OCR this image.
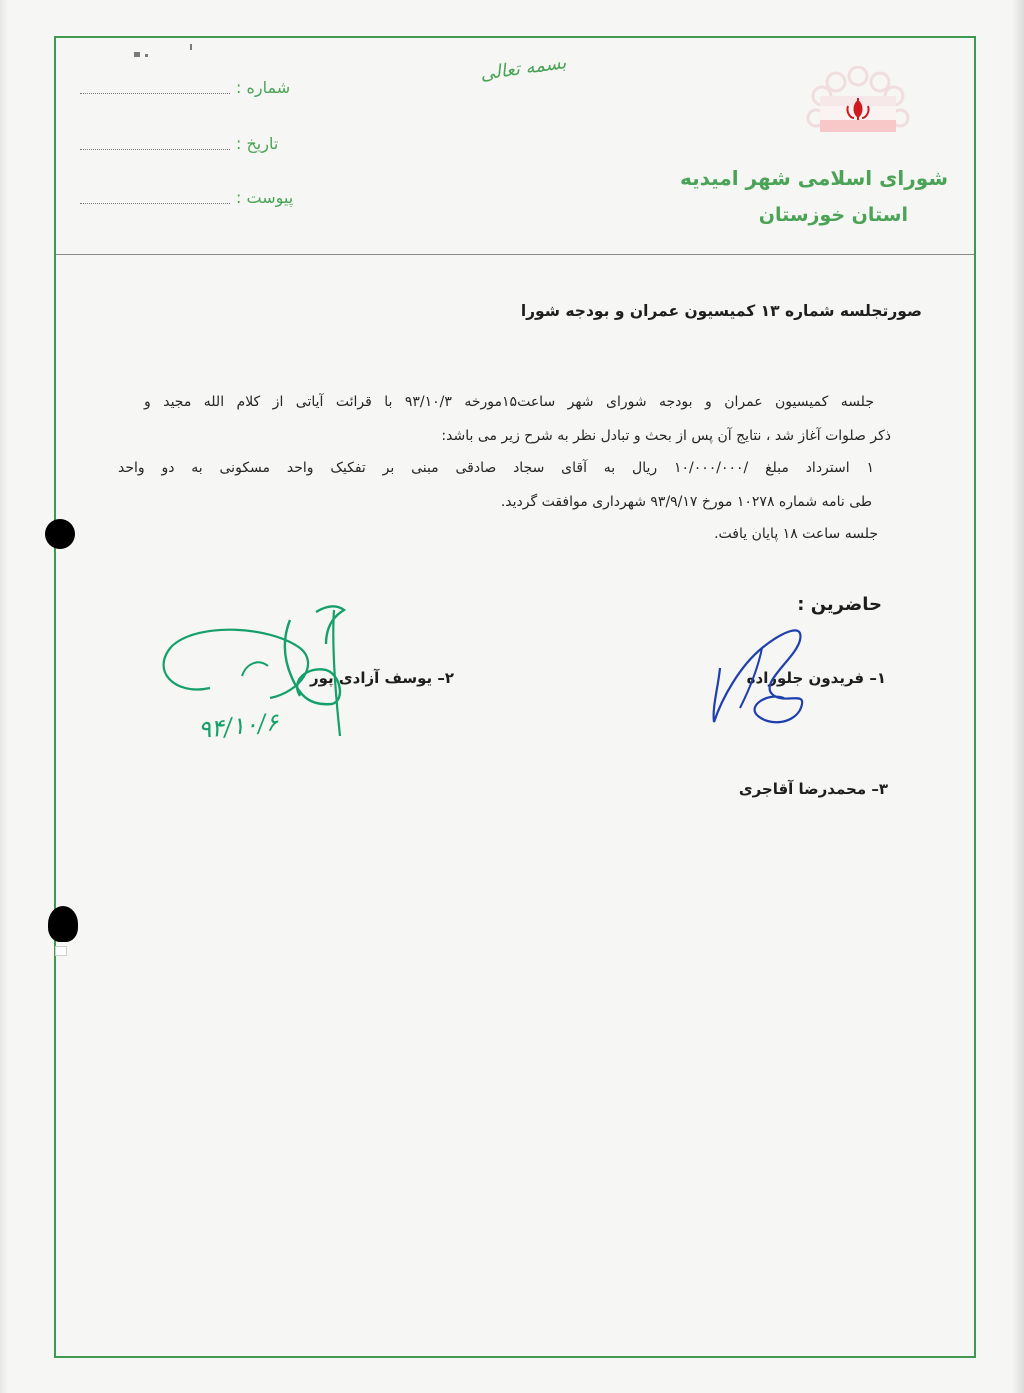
بسمه تعالی
شماره :
تاریخ :
پیوست :
شورای اسلامی شهر امیدیه
استان خوزستان
صورتجلسه شماره ۱۳ کمیسیون عمران و بودجه شورا
جلسه کمیسیون عمران و بودجه شورای شهر ساعت۱۵مورخه ۹۳/۱۰/۳ با قرائت آیاتی از کلام الله مجید و
ذکر صلوات آغاز شد ، نتایج آن پس از بحث و تبادل نظر به شرح زیر می باشد:
۱ استرداد مبلغ /۱۰/۰۰۰/۰۰۰ ریال به آقای سجاد صادقی مبنی بر تفکیک واحد مسکونی به دو واحد
طی نامه شماره ۱۰۲۷۸ مورخ ۹۳/۹/۱۷ شهرداری موافقت گردید.
جلسه ساعت ۱۸ پایان یافت.
حاضرین :
۱– فریدون جلوزاده
۲– یوسف آزادی پور
۳– محمدرضا آقاجری
۹۴/۱۰/۶
